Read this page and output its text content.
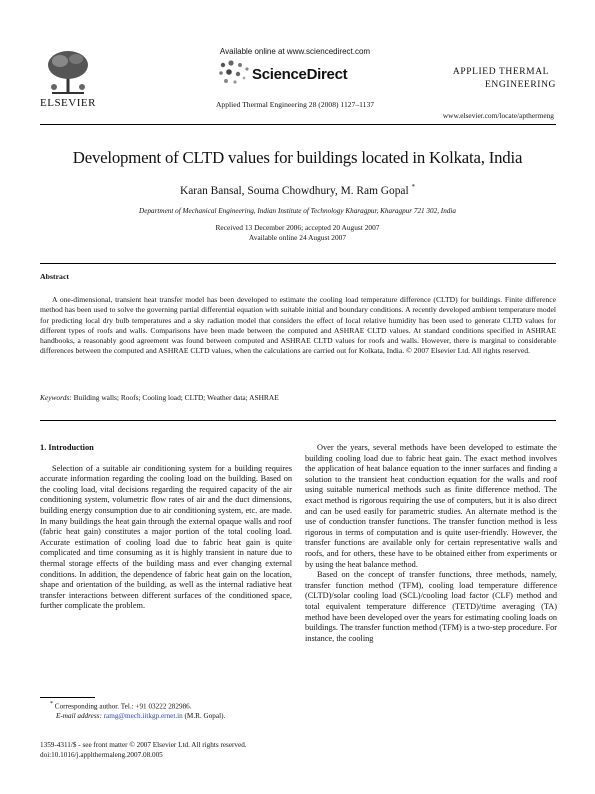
Available online at www.sciencedirect.com
ScienceDirect
Applied Thermal Engineering 28 (2008) 1127–1137
ELSEVIER
APPLIED THERMAL
ENGINEERING
www.elsevier.com/locate/apthermeng
Development of CLTD values for buildings located in Kolkata, India
Karan Bansal, Souma Chowdhury, M. Ram Gopal *
Department of Mechanical Engineering, Indian Institute of Technology Kharagpur, Kharagpur 721 302, India
Received 13 December 2006; accepted 20 August 2007
Available online 24 August 2007
Abstract
A one-dimensional, transient heat transfer model has been developed to estimate the cooling load temperature difference (CLTD) for buildings. Finite difference method has been used to solve the governing partial differential equation with suitable initial and boundary conditions. A recently developed ambient temperature model for predicting local dry bulb temperatures and a sky radiation model that considers the effect of local relative humidity has been used to generate CLTD values for different types of roofs and walls. Comparisons have been made between the computed and ASHRAE CLTD values. At standard conditions specified in ASHRAE handbooks, a reasonably good agreement was found between computed and ASHRAE CLTD values for roofs and walls. However, there is marginal to considerable differences between the computed and ASHRAE CLTD values, when the calculations are carried out for Kolkata, India. © 2007 Elsevier Ltd. All rights reserved.
Keywords: Building walls; Roofs; Cooling load; CLTD; Weather data; ASHRAE

1. Introduction

Selection of a suitable air conditioning system for a building requires accurate information regarding the cooling load on the building. Based on the cooling load, vital decisions regarding the required capacity of the air conditioning system, volumetric flow rates of air and the duct dimensions, building energy consumption due to air conditioning system, etc. are made. In many buildings the heat gain through the external opaque walls and roof (fabric heat gain) constitutes a major portion of the total cooling load. Accurate estimation of cooling load due to fabric heat gain is quite complicated and time consuming as it is highly transient in nature due to thermal storage effects of the building mass and ever changing external conditions. In addition, the dependence of fabric heat gain on the location, shape and orientation of the building, as well as the internal radiative heat transfer interactions between different surfaces of the conditioned space, further complicate the problem.

* Corresponding author. Tel.: +91 03222 282986.
E-mail address: ramg@mech.iitkgp.ernet.in (M.R. Gopal).
1359-4311/$ - see front matter © 2007 Elsevier Ltd. All rights reserved.
doi:10.1016/j.applthermaleng.2007.08.005

Over the years, several methods have been developed to estimate the building cooling load due to fabric heat gain. The exact method involves the application of heat balance equation to the inner surfaces and finding a solution to the transient heat conduction equation for the walls and roof using suitable numerical methods such as finite difference method. The exact method is rigorous requiring the use of computers, but it is also direct and can be used easily for parametric studies. An alternate method is the use of conduction transfer functions. The transfer function method is less rigorous in terms of computation and is quite user-friendly. However, the transfer functions are available only for certain representative walls and roofs, and for others, these have to be obtained either from experiments or by using the heat balance method.

Based on the concept of transfer functions, three methods, namely, transfer function method (TFM), cooling load temperature difference (CLTD)/solar cooling load (SCL)/cooling load factor (CLF) method and total equivalent temperature difference (TETD)/time averaging (TA) method have been developed over the years for estimating cooling loads on buildings. The transfer function method (TFM) is a two-step procedure. For instance, the cooling
